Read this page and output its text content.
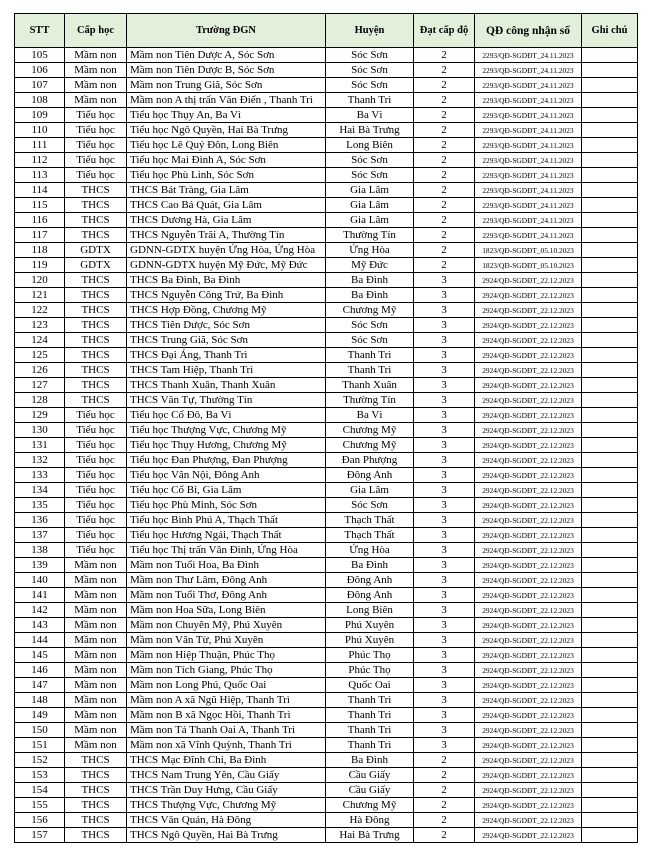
STT	Cấp học	Trường ĐGN	Huyện	Đạt cấp độ	QĐ công nhận số	Ghi chú
105	Mầm non	Mầm non Tiên Dược A, Sóc Sơn	Sóc Sơn	2	2293/QĐ-SGDĐT_24.11.2023	
106	Mầm non	Mầm non Tiên Dược B, Sóc Sơn	Sóc Sơn	2	2293/QĐ-SGDĐT_24.11.2023	
107	Mầm non	Mầm non Trung Giã, Sóc Sơn	Sóc Sơn	2	2293/QĐ-SGDĐT_24.11.2023	
108	Mầm non	Mầm non A thị trấn Văn Điển , Thanh Trì	Thanh Trì	2	2293/QĐ-SGDĐT_24.11.2023	
109	Tiểu học	Tiểu học Thụy An, Ba Vì	Ba Vì	2	2293/QĐ-SGDĐT_24.11.2023	
110	Tiểu học	Tiểu học Ngô Quyền, Hai Bà Trưng	Hai Bà Trưng	2	2293/QĐ-SGDĐT_24.11.2023	
111	Tiểu học	Tiểu học Lê Quý Đôn, Long Biên	Long Biên	2	2293/QĐ-SGDĐT_24.11.2023	
112	Tiểu học	Tiểu học Mai Đình A, Sóc Sơn	Sóc Sơn	2	2293/QĐ-SGDĐT_24.11.2023	
113	Tiểu học	Tiểu học Phù Linh, Sóc Sơn	Sóc Sơn	2	2293/QĐ-SGDĐT_24.11.2023	
114	THCS	THCS Bát Tràng, Gia Lâm	Gia Lâm	2	2293/QĐ-SGDĐT_24.11.2023	
115	THCS	THCS Cao Bá Quát, Gia Lâm	Gia Lâm	2	2293/QĐ-SGDĐT_24.11.2023	
116	THCS	THCS Dương Hà, Gia Lâm	Gia Lâm	2	2293/QĐ-SGDĐT_24.11.2023	
117	THCS	THCS Nguyễn Trãi A, Thường Tín	Thường Tín	2	2293/QĐ-SGDĐT_24.11.2023	
118	GDTX	GDNN-GDTX huyện Ứng Hòa, Ứng Hòa	Ứng Hòa	2	1823/QĐ-SGDĐT_05.10.2023	
119	GDTX	GDNN-GDTX huyện Mỹ Đức, Mỹ Đức	Mỹ Đức	2	1823/QĐ-SGDĐT_05.10.2023	
120	THCS	THCS Ba Đình, Ba Đình	Ba Đình	3	2924/QĐ-SGDĐT_22.12.2023	
121	THCS	THCS Nguyễn Công Trứ, Ba Đình	Ba Đình	3	2924/QĐ-SGDĐT_22.12.2023	
122	THCS	THCS Hợp Đồng, Chương Mỹ	Chương Mỹ	3	2924/QĐ-SGDĐT_22.12.2023	
123	THCS	THCS Tiên Dược, Sóc Sơn	Sóc Sơn	3	2924/QĐ-SGDĐT_22.12.2023	
124	THCS	THCS Trung Giã, Sóc Sơn	Sóc Sơn	3	2924/QĐ-SGDĐT_22.12.2023	
125	THCS	THCS Đại Áng, Thanh Trì	Thanh Trì	3	2924/QĐ-SGDĐT_22.12.2023	
126	THCS	THCS Tam Hiệp, Thanh Trì	Thanh Trì	3	2924/QĐ-SGDĐT_22.12.2023	
127	THCS	THCS Thanh Xuân, Thanh Xuân	Thanh Xuân	3	2924/QĐ-SGDĐT_22.12.2023	
128	THCS	THCS Văn Tự, Thường Tín	Thường Tín	3	2924/QĐ-SGDĐT_22.12.2023	
129	Tiểu học	Tiểu học Cổ Đô, Ba Vì	Ba Vì	3	2924/QĐ-SGDĐT_22.12.2023	
130	Tiểu học	Tiểu học Thượng Vực, Chương Mỹ	Chương Mỹ	3	2924/QĐ-SGDĐT_22.12.2023	
131	Tiểu học	Tiểu học Thụy Hương, Chương Mỹ	Chương Mỹ	3	2924/QĐ-SGDĐT_22.12.2023	
132	Tiểu học	Tiểu học Đan Phượng, Đan Phượng	Đan Phượng	3	2924/QĐ-SGDĐT_22.12.2023	
133	Tiểu học	Tiểu học Vân Nội, Đông Anh	Đông Anh	3	2924/QĐ-SGDĐT_22.12.2023	
134	Tiểu học	Tiểu học Cổ Bi, Gia Lâm	Gia Lâm	3	2924/QĐ-SGDĐT_22.12.2023	
135	Tiểu học	Tiểu học Phù Minh, Sóc Sơn	Sóc Sơn	3	2924/QĐ-SGDĐT_22.12.2023	
136	Tiểu học	Tiểu học Bình Phú A, Thạch Thất	Thạch Thất	3	2924/QĐ-SGDĐT_22.12.2023	
137	Tiểu học	Tiểu học Hương Ngải, Thạch Thất	Thạch Thất	3	2924/QĐ-SGDĐT_22.12.2023	
138	Tiểu học	Tiểu học Thị trấn Vân Đình, Ứng Hòa	Ứng Hòa	3	2924/QĐ-SGDĐT_22.12.2023	
139	Mầm non	Mầm non Tuổi Hoa, Ba Đình	Ba Đình	3	2924/QĐ-SGDĐT_22.12.2023	
140	Mầm non	Mầm non Thư Lâm, Đông Anh	Đông Anh	3	2924/QĐ-SGDĐT_22.12.2023	
141	Mầm non	Mầm non Tuổi Thơ, Đông Anh	Đông Anh	3	2924/QĐ-SGDĐT_22.12.2023	
142	Mầm non	Mầm non Hoa Sữa, Long Biên	Long Biên	3	2924/QĐ-SGDĐT_22.12.2023	
143	Mầm non	Mầm non Chuyên Mỹ, Phú Xuyên	Phú Xuyên	3	2924/QĐ-SGDĐT_22.12.2023	
144	Mầm non	Mầm non Vân Từ, Phú Xuyên	Phú Xuyên	3	2924/QĐ-SGDĐT_22.12.2023	
145	Mầm non	Mầm non Hiệp Thuận, Phúc Thọ	Phúc Thọ	3	2924/QĐ-SGDĐT_22.12.2023	
146	Mầm non	Mầm non Tích Giang, Phúc Thọ	Phúc Thọ	3	2924/QĐ-SGDĐT_22.12.2023	
147	Mầm non	Mầm non Long Phú, Quốc Oai	Quốc Oai	3	2924/QĐ-SGDĐT_22.12.2023	
148	Mầm non	Mầm non A xã Ngũ Hiệp, Thanh Trì	Thanh Trì	3	2924/QĐ-SGDĐT_22.12.2023	
149	Mầm non	Mầm non B xã Ngọc Hồi, Thanh Trì	Thanh Trì	3	2924/QĐ-SGDĐT_22.12.2023	
150	Mầm non	Mầm non Tả Thanh Oai A, Thanh Trì	Thanh Trì	3	2924/QĐ-SGDĐT_22.12.2023	
151	Mầm non	Mầm non xã Vĩnh Quỳnh, Thanh Trì	Thanh Trì	3	2924/QĐ-SGDĐT_22.12.2023	
152	THCS	THCS Mạc Đĩnh Chi, Ba Đình	Ba Đình	2	2924/QĐ-SGDĐT_22.12.2023	
153	THCS	THCS Nam Trung Yên, Cầu Giấy	Cầu Giấy	2	2924/QĐ-SGDĐT_22.12.2023	
154	THCS	THCS Trần Duy Hưng, Cầu Giấy	Cầu Giấy	2	2924/QĐ-SGDĐT_22.12.2023	
155	THCS	THCS Thượng Vực, Chương Mỹ	Chương Mỹ	2	2924/QĐ-SGDĐT_22.12.2023	
156	THCS	THCS Văn Quán, Hà Đông	Hà Đông	2	2924/QĐ-SGDĐT_22.12.2023	
157	THCS	THCS Ngô Quyền, Hai Bà Trưng	Hai Bà Trưng	2	2924/QĐ-SGDĐT_22.12.2023	
